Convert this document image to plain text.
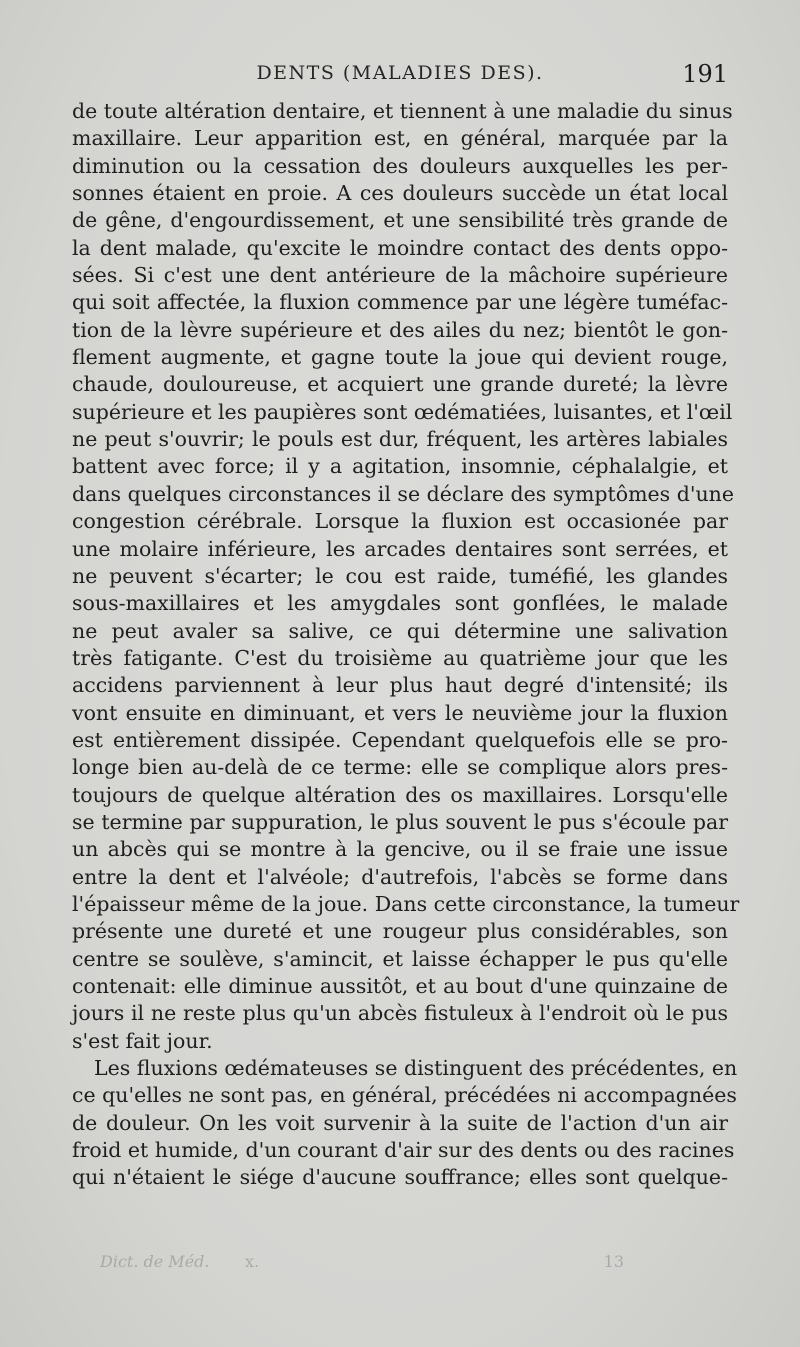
DENTS (MALADIES DES).	191
de toute altération dentaire, et tiennent à une maladie du sinus
maxillaire. Leur apparition est, en général, marquée par la
diminution ou la cessation des douleurs auxquelles les per-
sonnes étaient en proie. A ces douleurs succède un état local
de gêne, d'engourdissement, et une sensibilité très grande de
la dent malade, qu'excite le moindre contact des dents oppo-
sées. Si c'est une dent antérieure de la mâchoire supérieure
qui soit affectée, la fluxion commence par une légère tuméfac-
tion de la lèvre supérieure et des ailes du nez; bientôt le gon-
flement augmente, et gagne toute la joue qui devient rouge,
chaude, douloureuse, et acquiert une grande dureté; la lèvre
supérieure et les paupières sont œdématiées, luisantes, et l'œil
ne peut s'ouvrir; le pouls est dur, fréquent, les artères labiales
battent avec force; il y a agitation, insomnie, céphalalgie, et
dans quelques circonstances il se déclare des symptômes d'une
congestion cérébrale. Lorsque la fluxion est occasionée par
une molaire inférieure, les arcades dentaires sont serrées, et
ne peuvent s'écarter; le cou est raide, tuméfié, les glandes
sous-maxillaires et les amygdales sont gonflées, le malade
ne peut avaler sa salive, ce qui détermine une salivation
très fatigante. C'est du troisième au quatrième jour que les
accidens parviennent à leur plus haut degré d'intensité; ils
vont ensuite en diminuant, et vers le neuvième jour la fluxion
est entièrement dissipée. Cependant quelquefois elle se pro-
longe bien au-delà de ce terme: elle se complique alors pres-
toujours de quelque altération des os maxillaires. Lorsqu'elle
se termine par suppuration, le plus souvent le pus s'écoule par
un abcès qui se montre à la gencive, ou il se fraie une issue
entre la dent et l'alvéole; d'autrefois, l'abcès se forme dans
l'épaisseur même de la joue. Dans cette circonstance, la tumeur
présente une dureté et une rougeur plus considérables, son
centre se soulève, s'amincit, et laisse échapper le pus qu'elle
contenait: elle diminue aussitôt, et au bout d'une quinzaine de
jours il ne reste plus qu'un abcès fistuleux à l'endroit où le pus
s'est fait jour.
Les fluxions œdémateuses se distinguent des précédentes, en
ce qu'elles ne sont pas, en général, précédées ni accompagnées
de douleur. On les voit survenir à la suite de l'action d'un air
froid et humide, d'un courant d'air sur des dents ou des racines
qui n'étaient le siége d'aucune souffrance; elles sont quelque-
Dict. de Méd. x.	13
